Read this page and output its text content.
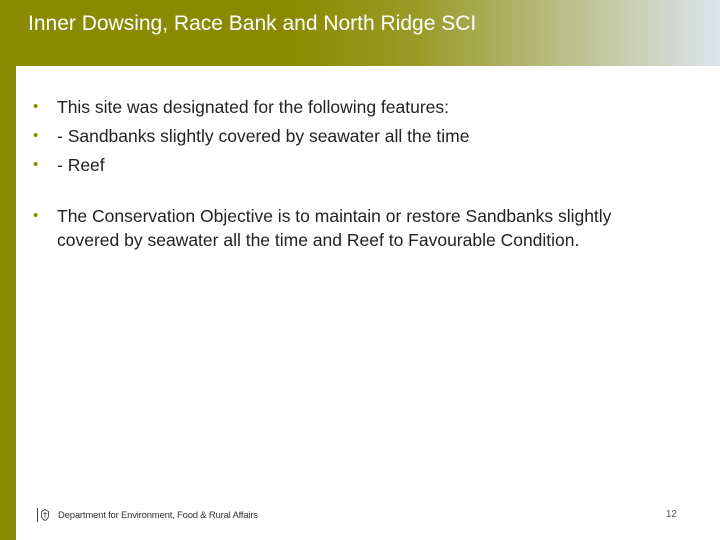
Inner Dowsing, Race Bank and North Ridge SCI
• This site was designated for the following features:
• - Sandbanks slightly covered by seawater all the time
• - Reef
• The Conservation Objective is to maintain or restore Sandbanks slightly covered by seawater all the time and Reef to Favourable Condition.
Department for Environment, Food & Rural Affairs	12
